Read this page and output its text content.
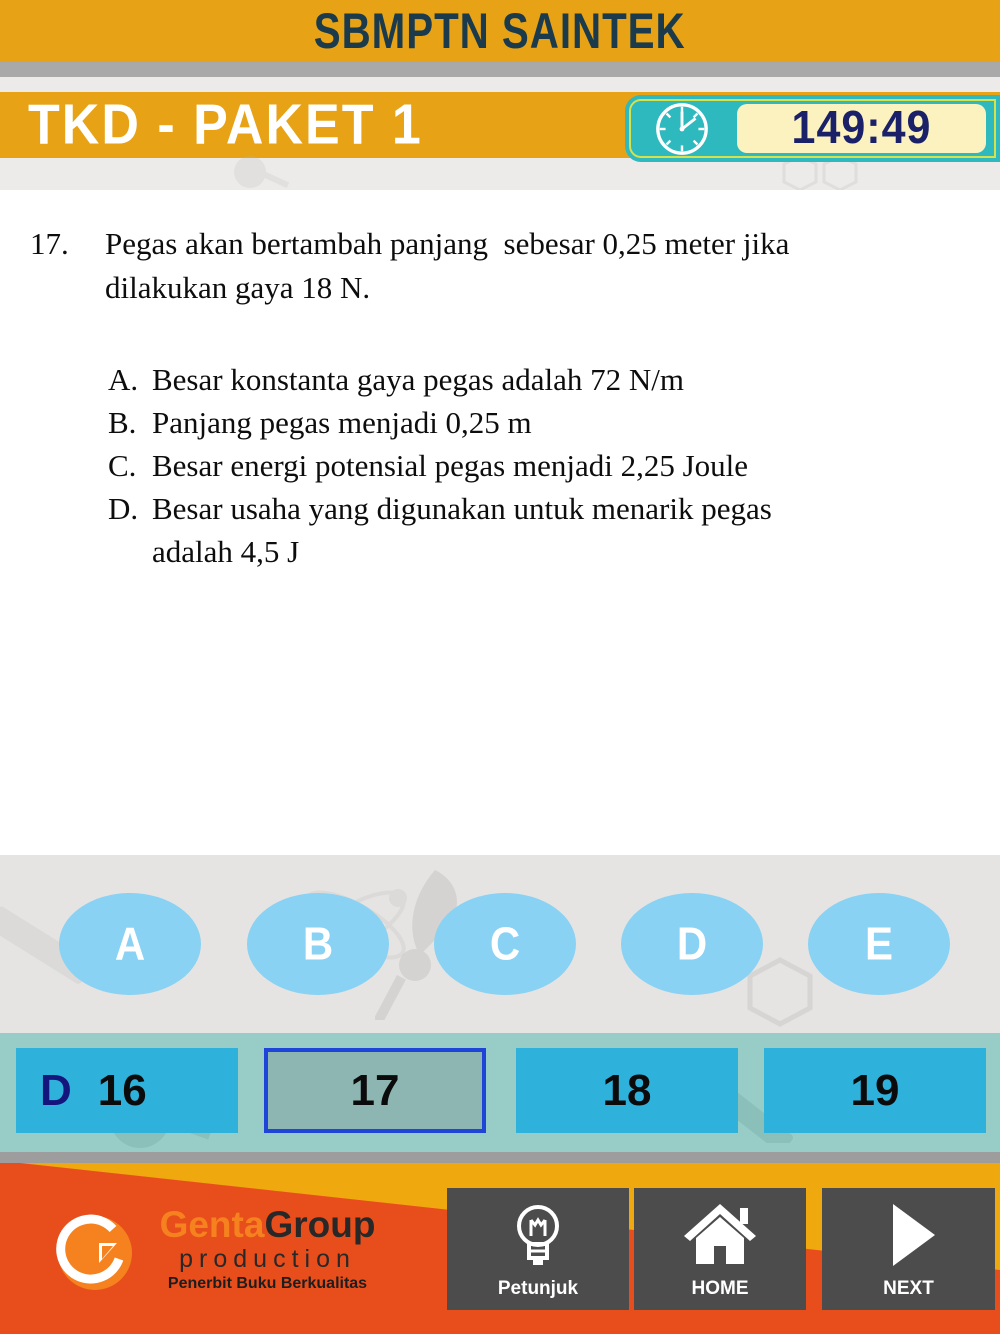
SBMPTN SAINTEK
TKD - PAKET 1	149:49
17.	Pegas akan bertambah panjang  sebesar 0,25 meter jika
dilakukan gaya 18 N.
A. Besar konstanta gaya pegas adalah 72 N/m
B. Panjang pegas menjadi 0,25 m
C. Besar energi potensial pegas menjadi 2,25 Joule
D. Besar usaha yang digunakan untuk menarik pegas
adalah 4,5 J
A	B	C	D	E
D 16	17	18	19
GentaGroup
production
Penerbit Buku Berkualitas	Petunjuk	HOME	NEXT
